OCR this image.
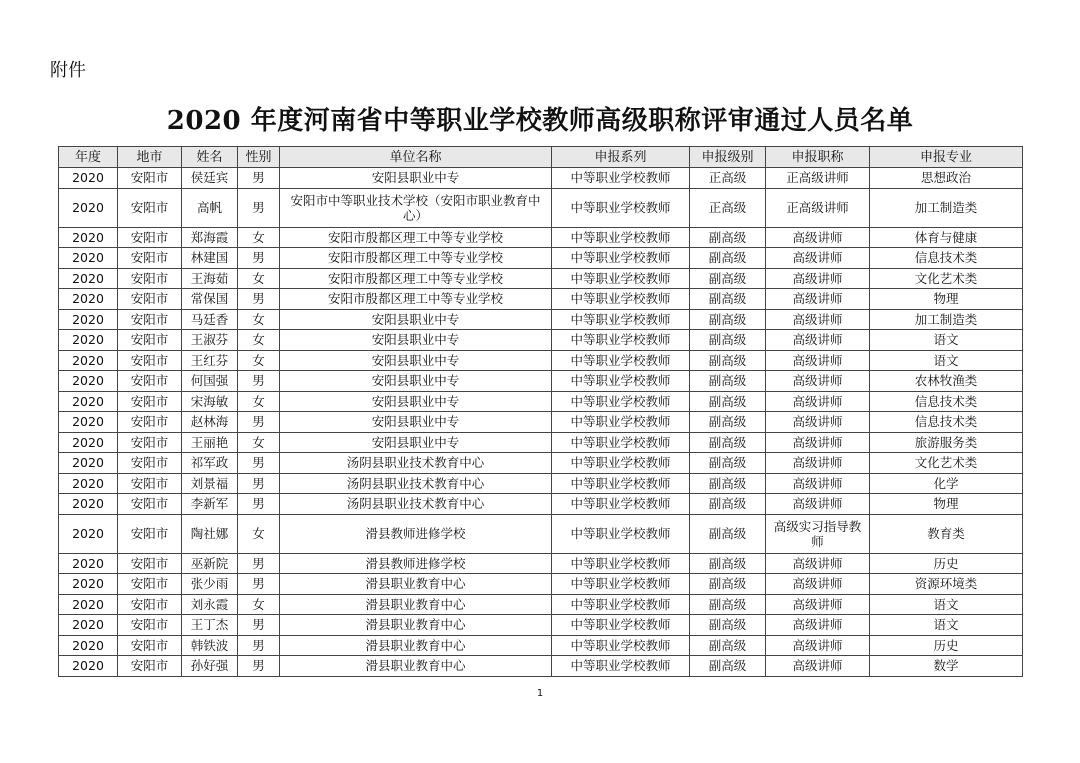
附件
2020 年度河南省中等职业学校教师高级职称评审通过人员名单
年度	地市	姓名	性别	单位名称	申报系列	申报级别	申报职称	申报专业
2020	安阳市	侯廷宾	男	安阳县职业中专	中等职业学校教师	正高级	正高级讲师	思想政治
2020	安阳市	高帆	男	安阳市中等职业技术学校（安阳市职业教育中心）	中等职业学校教师	正高级	正高级讲师	加工制造类
2020	安阳市	郑海霞	女	安阳市殷都区理工中等专业学校	中等职业学校教师	副高级	高级讲师	体育与健康
2020	安阳市	林建国	男	安阳市殷都区理工中等专业学校	中等职业学校教师	副高级	高级讲师	信息技术类
2020	安阳市	王海茹	女	安阳市殷都区理工中等专业学校	中等职业学校教师	副高级	高级讲师	文化艺术类
2020	安阳市	常保国	男	安阳市殷都区理工中等专业学校	中等职业学校教师	副高级	高级讲师	物理
2020	安阳市	马廷香	女	安阳县职业中专	中等职业学校教师	副高级	高级讲师	加工制造类
2020	安阳市	王淑芬	女	安阳县职业中专	中等职业学校教师	副高级	高级讲师	语文
2020	安阳市	王红芬	女	安阳县职业中专	中等职业学校教师	副高级	高级讲师	语文
2020	安阳市	何国强	男	安阳县职业中专	中等职业学校教师	副高级	高级讲师	农林牧渔类
2020	安阳市	宋海敏	女	安阳县职业中专	中等职业学校教师	副高级	高级讲师	信息技术类
2020	安阳市	赵林海	男	安阳县职业中专	中等职业学校教师	副高级	高级讲师	信息技术类
2020	安阳市	王丽艳	女	安阳县职业中专	中等职业学校教师	副高级	高级讲师	旅游服务类
2020	安阳市	祁军政	男	汤阴县职业技术教育中心	中等职业学校教师	副高级	高级讲师	文化艺术类
2020	安阳市	刘景福	男	汤阴县职业技术教育中心	中等职业学校教师	副高级	高级讲师	化学
2020	安阳市	李新军	男	汤阴县职业技术教育中心	中等职业学校教师	副高级	高级讲师	物理
2020	安阳市	陶社娜	女	滑县教师进修学校	中等职业学校教师	副高级	高级实习指导教师	教育类
2020	安阳市	巫新院	男	滑县教师进修学校	中等职业学校教师	副高级	高级讲师	历史
2020	安阳市	张少雨	男	滑县职业教育中心	中等职业学校教师	副高级	高级讲师	资源环境类
2020	安阳市	刘永霞	女	滑县职业教育中心	中等职业学校教师	副高级	高级讲师	语文
2020	安阳市	王丁杰	男	滑县职业教育中心	中等职业学校教师	副高级	高级讲师	语文
2020	安阳市	韩铁波	男	滑县职业教育中心	中等职业学校教师	副高级	高级讲师	历史
2020	安阳市	孙好强	男	滑县职业教育中心	中等职业学校教师	副高级	高级讲师	数学
1
